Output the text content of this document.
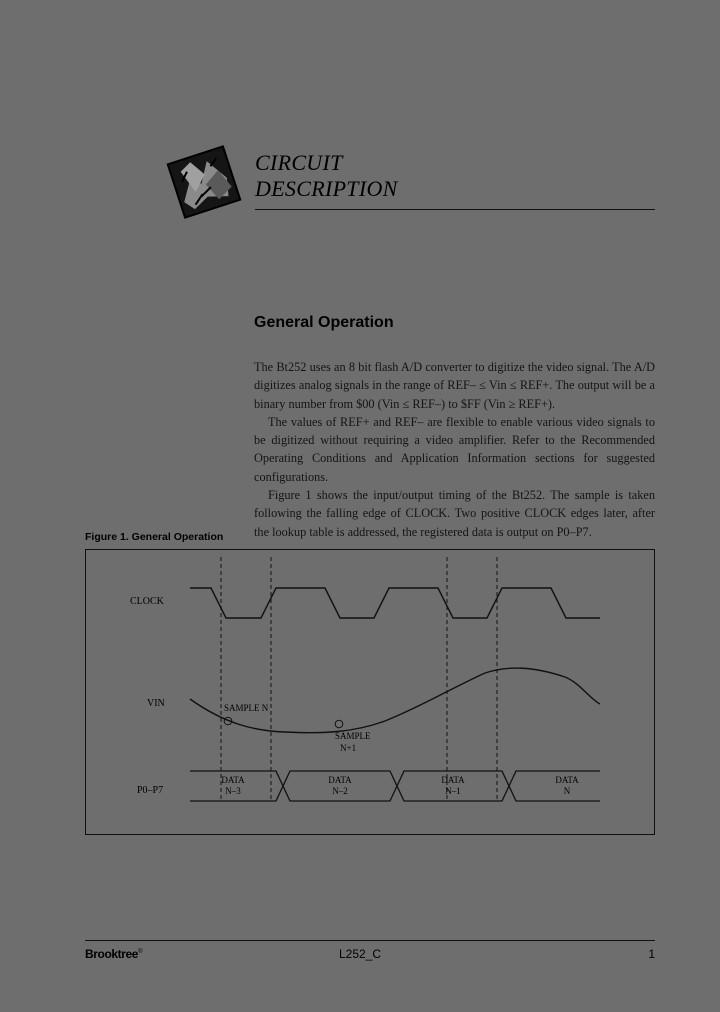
CIRCUIT
DESCRIPTION
General Operation

The Bt252 uses an 8 bit flash A/D converter to digitize the video signal. The A/D digitizes analog signals in the range of REF– ≤ Vin ≤ REF+. The output will be a binary number from $00 (Vin ≤ REF–) to $FF (Vin ≥ REF+).

The values of REF+ and REF– are flexible to enable various video signals to be digitized without requiring a video amplifier. Refer to the Recommended Operating Conditions and Application Information sections for suggested configurations.

Figure 1 shows the input/output timing of the Bt252. The sample is taken following the falling edge of CLOCK. Two positive CLOCK edges later, after the lookup table is addressed, the registered data is output on P0–P7.

Figure 1. General Operation
CLOCK
VIN	SAMPLE N
SAMPLE
N+1
P0–P7
DATA
N–3
DATA
N–2
DATA
N–1
DATA
N
Brooktree®	L252_C	1
